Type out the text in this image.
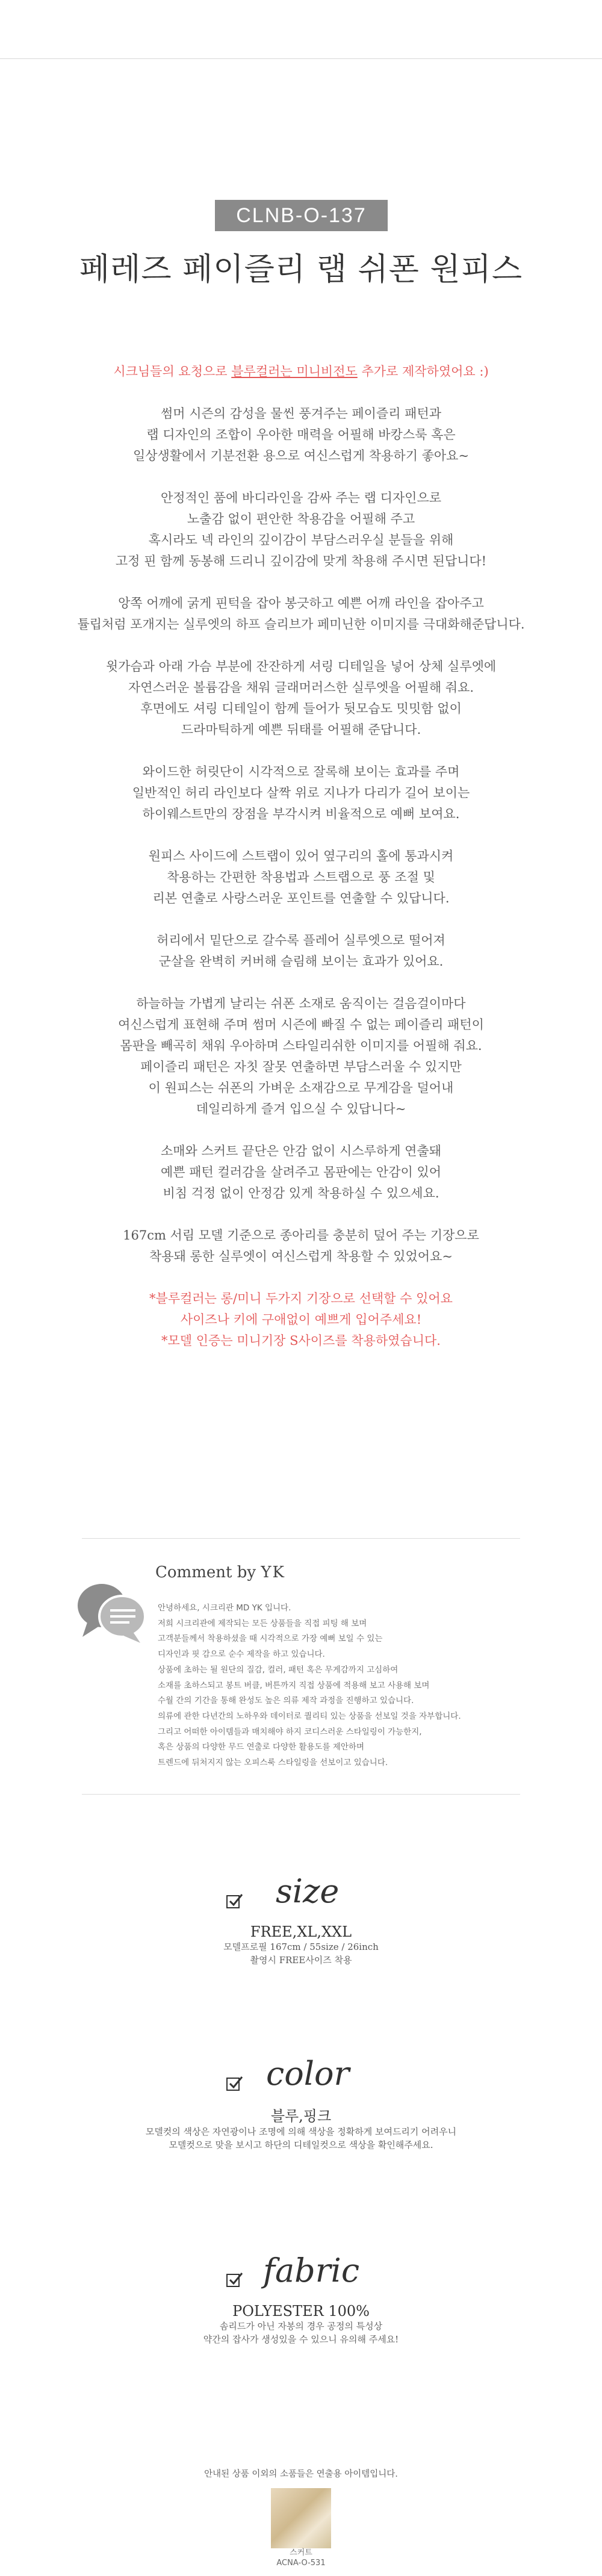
CLNB-O-137
페레즈 페이즐리 랩 쉬폰 원피스

시크님들의 요청으로 블루컬러는 미니비전도 추가로 제작하였어요 :)

썸머 시즌의 감성을 물씬 풍겨주는 페이즐리 패턴과
랩 디자인의 조합이 우아한 매력을 어필해 바캉스룩 혹은
일상생활에서 기분전환 용으로 여신스럽게 착용하기 좋아요~

안정적인 품에 바디라인을 감싸 주는 랩 디자인으로
노출감 없이 편안한 착용감을 어필해 주고
혹시라도 넥 라인의 깊이감이 부담스러우실 분들을 위해
고정 핀 함께 동봉해 드리니 깊이감에 맞게 착용해 주시면 된답니다!

앙쪽 어깨에 굵게 핀턱을 잡아 봉긋하고 예쁜 어깨 라인을 잡아주고
튤립처럼 포개지는 실루엣의 하프 슬리브가 페미닌한 이미지를 극대화해준답니다.

윗가슴과 아래 가슴 부분에 잔잔하게 셔링 디테일을 넣어 상체 실루엣에
자연스러운 볼륨감을 채워 글래머러스한 실루엣을 어필해 줘요.
후면에도 셔링 디테일이 함께 들어가 뒷모습도 밋밋함 없이
드라마틱하게 예쁜 뒤태를 어필해 준답니다.

와이드한 허릿단이 시각적으로 잘록해 보이는 효과를 주며
일반적인 허리 라인보다 살짝 위로 지나가 다리가 길어 보이는
하이웨스트만의 장점을 부각시켜 비율적으로 예뻐 보여요.

원피스 사이드에 스트랩이 있어 옆구리의 홀에 통과시켜
착용하는 간편한 착용법과 스트랩으로 풍 조절 및
리본 연출로 사랑스러운 포인트를 연출할 수 있답니다.

허리에서 밑단으로 갈수록 플레어 실루엣으로 떨어져
군살을 완벽히 커버해 슬림해 보이는 효과가 있어요.

하늘하늘 가볍게 날리는 쉬폰 소재로 움직이는 걸음걸이마다
여신스럽게 표현해 주며 썸머 시즌에 빠질 수 없는 페이즐리 패턴이
몸판을 빼곡히 채워 우아하며 스타일리쉬한 이미지를 어필해 줘요.
페이즐리 패턴은 자칫 잘못 연출하면 부담스러울 수 있지만
이 원피스는 쉬폰의 가벼운 소재감으로 무게감을 덜어내
데일리하게 즐겨 입으실 수 있답니다~

소매와 스커트 끝단은 안감 없이 시스루하게 연출돼
예쁜 패턴 컬러감을 살려주고 몸판에는 안감이 있어
비침 걱정 없이 안정감 있게 착용하실 수 있으세요.

167cm 서림 모델 기준으로 종아리를 충분히 덮어 주는 기장으로
착용돼 롱한 실루엣이 여신스럽게 착용할 수 있었어요~

*블루컬러는 롱/미니 두가지 기장으로 선택할 수 있어요
사이즈나 키에 구애없이 예쁘게 입어주세요!
*모델 인증는 미니기장 S사이즈를 착용하였습니다.

Comment by YK
안녕하세요, 시크리관 MD YK 입니다.
저희 시크리관에 제작되는 모든 상품들을 직접 피팅 해 보며
고객분들께서 착용하셨을 때 시각적으로 가장 예뻐 보일 수 있는
디자인과 핏 감으로 순수 제작을 하고 있습니다.
상품에 초하는 될 원단의 질감, 컬러, 패턴 혹은 무게감까지 고심하여
소재를 초하스되고 봉트 버클, 버튼까지 직접 상품에 적용해 보고 사용해 보며
수월 간의 기간을 통해 완성도 높은 의류 제작 과정을 진행하고 있습니다.
의류에 관한 다년간의 노하우와 데이터로 퀄리티 있는 상품을 선보일 것을 자부합니다.
그리고 어떠한 아이템들과 매치해야 하지 코디스러운 스타일링이 가능한지,
혹은 상품의 다양한 무드 연출로 다양한 활용도를 제안하며
트렌드에 뒤처지지 않는 오피스룩 스타일링을 선보이고 있습니다.
size
FREE,XL,XXL
모델프로필 167cm / 55size / 26inch
촬영시 FREE사이즈 착용
color
블루,핑크
모델컷의 색상은 자연광이나 조명에 의해 색상을 정확하게 보여드리기 어려우니
모델컷으로 맞을 보시고 하단의 디테일컷으로 색상을 확인해주세요.
fabric
POLYESTER 100%
솜리드가 아닌 자봉의 경우 공정의 특성상
약간의 잡사가 생성있을 수 있으니 유의해 주세요!
안내된 상품 이외의 소품들은 연출용 아이템입니다.
스커트
ACNA-O-531
